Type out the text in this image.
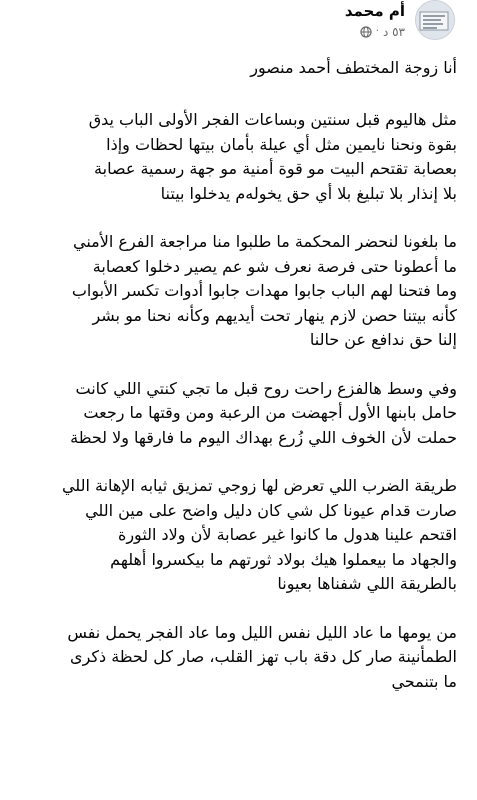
أم محمد
٥٣ د
·

أنا زوجة المختطف أحمد منصور

مثل هاليوم قبل سنتين وبساعات الفجر الأولى الباب يدق
بقوة ونحنا نايمين مثل أي عيلة بأمان بيتها لحظات وإذا
بعصابة تقتحم البيت مو قوة أمنية مو جهة رسمية عصابة
بلا إنذار بلا تبليغ بلا أي حق يخوله‌م يدخلوا بيتنا

ما بلغونا لنحضر المحكمة ما طلبوا منا مراجعة الفرع الأمني
ما أعطونا حتى فرصة نعرف شو عم يصير دخلوا كعصابة
وما فتحنا لهم الباب جابوا مهدات جابوا أدوات تكسر الأبواب
كأنه بيتنا حصن لازم ينهار تحت أيديهم وكأنه نحنا مو بشر
إلنا حق ندافع عن حالنا

وفي وسط هالفزع راحت روح قبل ما تجي كنتي اللي كانت
حامل بابنها الأول أجهضت من الرعبة ومن وقتها ما رجعت
حملت لأن الخوف اللي زُرع بهداك اليوم ما فارقها ولا لحظة

طريقة الضرب اللي تعرض لها زوجي تمزيق ثيابه الإهانة اللي
صارت قدام عيونا كل شي كان دليل واضح على مين اللي
اقتحم علينا هدول ما كانوا غير عصابة لأن ولاد الثورة
والجهاد ما بيعملوا هيك بولاد ثورتهم ما بيكسروا أهلهم
بالطريقة اللي شفناها بعيونا

من يومها ما عاد الليل نفس الليل وما عاد الفجر يحمل نفس
الطمأنينة صار كل دقة باب تهز القلب، صار كل لحظة ذكرى
ما بتنمحي
